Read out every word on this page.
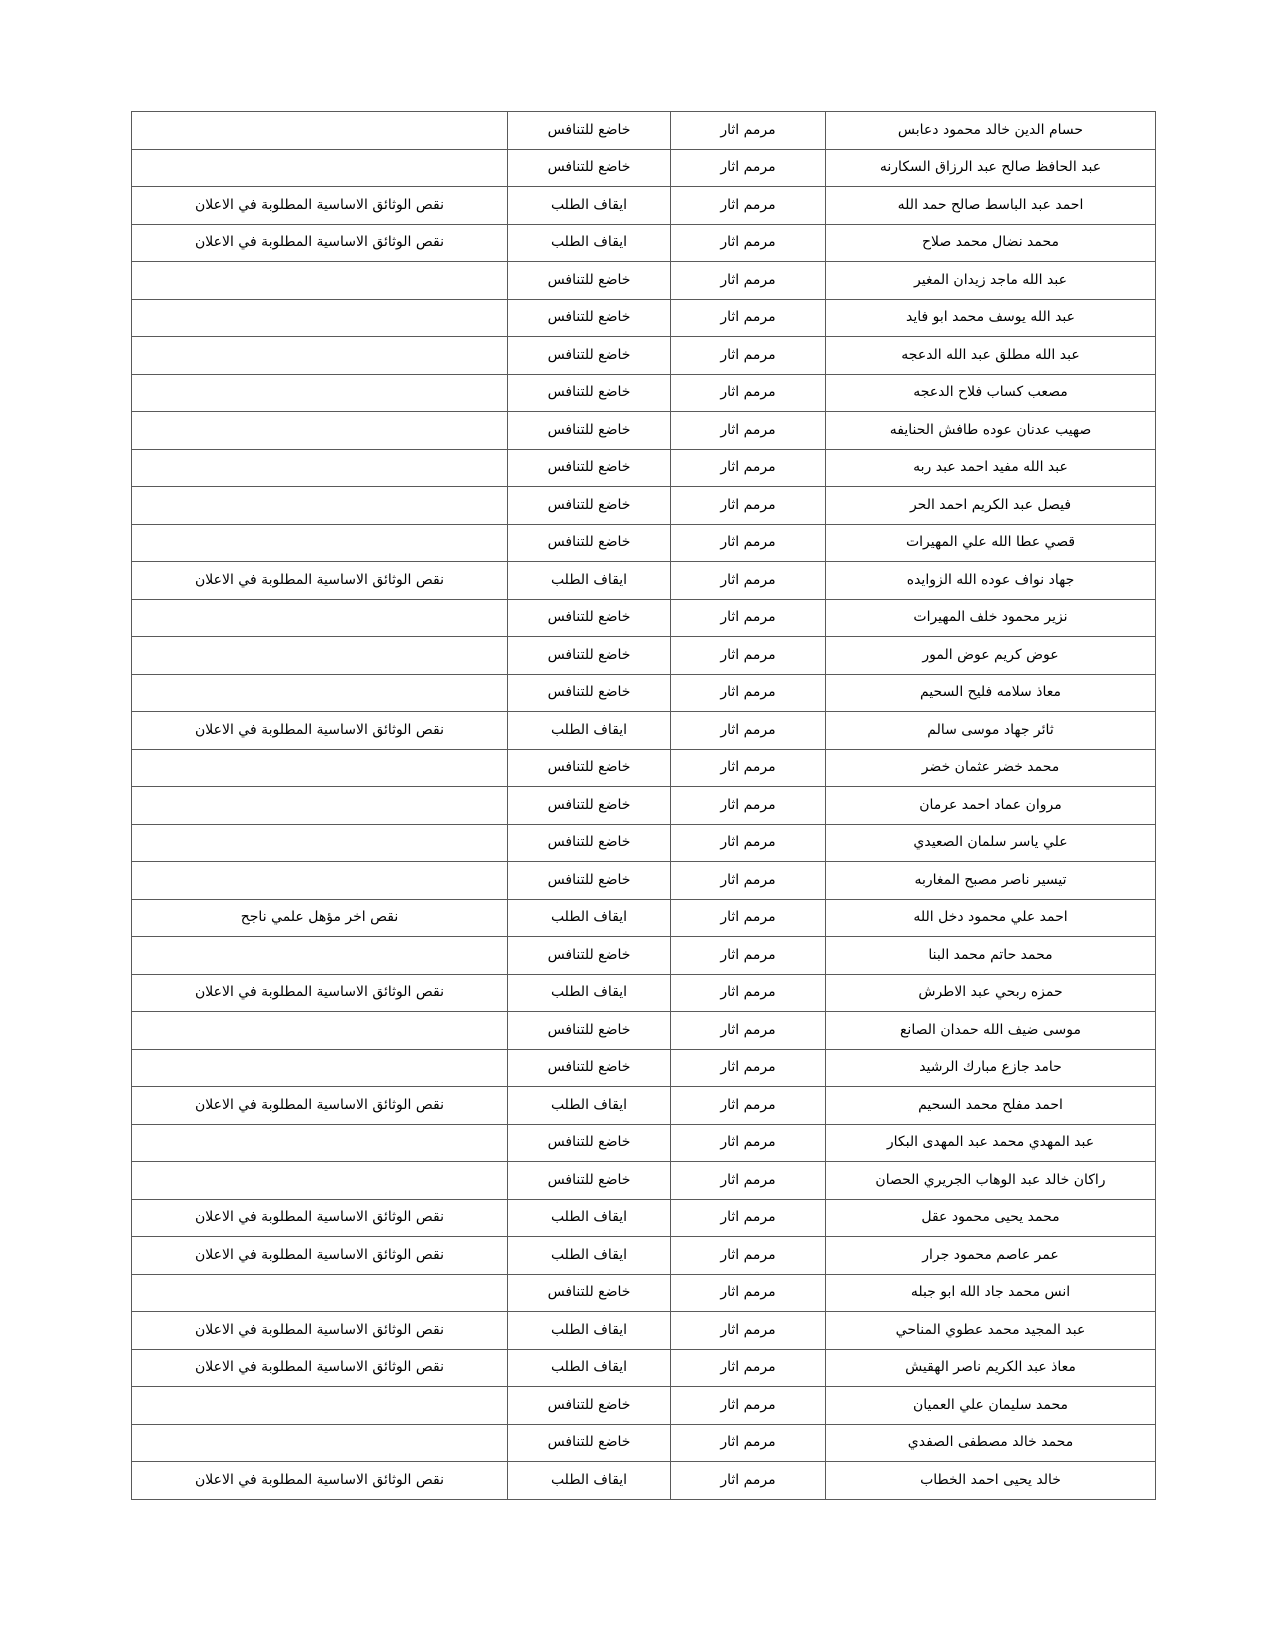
حسام الدين خالد محمود دعابس	مرمم اثار	خاضع للتنافس	
عبد الحافظ صالح عبد الرزاق السكارنه	مرمم اثار	خاضع للتنافس	
احمد عبد الباسط صالح حمد الله	مرمم اثار	ايقاف الطلب	نقص الوثائق الاساسية المطلوبة في الاعلان
محمد نضال محمد صلاح	مرمم اثار	ايقاف الطلب	نقص الوثائق الاساسية المطلوبة في الاعلان
عبد الله ماجد زيدان المغير	مرمم اثار	خاضع للتنافس	
عبد الله يوسف محمد ابو فايد	مرمم اثار	خاضع للتنافس	
عبد الله مطلق عبد الله الدعجه	مرمم اثار	خاضع للتنافس	
مصعب كساب فلاح الدعجه	مرمم اثار	خاضع للتنافس	
صهيب عدنان عوده طافش الحنايفه	مرمم اثار	خاضع للتنافس	
عبد الله مفيد احمد عبد ربه	مرمم اثار	خاضع للتنافس	
فيصل عبد الكريم احمد الحر	مرمم اثار	خاضع للتنافس	
قصي عطا الله علي المهيرات	مرمم اثار	خاضع للتنافس	
جهاد نواف عوده الله الزوايده	مرمم اثار	ايقاف الطلب	نقص الوثائق الاساسية المطلوبة في الاعلان
نزير محمود خلف المهيرات	مرمم اثار	خاضع للتنافس	
عوض كريم عوض المور	مرمم اثار	خاضع للتنافس	
معاذ سلامه فليح السحيم	مرمم اثار	خاضع للتنافس	
ثائر جهاد موسى سالم	مرمم اثار	ايقاف الطلب	نقص الوثائق الاساسية المطلوبة في الاعلان
محمد خضر عثمان خضر	مرمم اثار	خاضع للتنافس	
مروان عماد احمد عرمان	مرمم اثار	خاضع للتنافس	
علي ياسر سلمان الصعيدي	مرمم اثار	خاضع للتنافس	
تيسير ناصر مصبح المغاربه	مرمم اثار	خاضع للتنافس	
احمد علي محمود دخل الله	مرمم اثار	ايقاف الطلب	نقص اخر مؤهل علمي ناجح
محمد حاتم محمد البنا	مرمم اثار	خاضع للتنافس	
حمزه ربحي عبد الاطرش	مرمم اثار	ايقاف الطلب	نقص الوثائق الاساسية المطلوبة في الاعلان
موسى ضيف الله حمدان الصانع	مرمم اثار	خاضع للتنافس	
حامد جازع مبارك الرشيد	مرمم اثار	خاضع للتنافس	
احمد مفلح محمد السحيم	مرمم اثار	ايقاف الطلب	نقص الوثائق الاساسية المطلوبة في الاعلان
عبد المهدي محمد عبد المهدى البكار	مرمم اثار	خاضع للتنافس	
راكان خالد عبد الوهاب الجريري الحصان	مرمم اثار	خاضع للتنافس	
محمد يحيى محمود عقل	مرمم اثار	ايقاف الطلب	نقص الوثائق الاساسية المطلوبة في الاعلان
عمر عاصم محمود جرار	مرمم اثار	ايقاف الطلب	نقص الوثائق الاساسية المطلوبة في الاعلان
انس محمد جاد الله ابو جبله	مرمم اثار	خاضع للتنافس	
عبد المجيد محمد عطوي المناحي	مرمم اثار	ايقاف الطلب	نقص الوثائق الاساسية المطلوبة في الاعلان
معاذ عبد الكريم ناصر الهقيش	مرمم اثار	ايقاف الطلب	نقص الوثائق الاساسية المطلوبة في الاعلان
محمد سليمان علي العميان	مرمم اثار	خاضع للتنافس	
محمد خالد مصطفى الصفدي	مرمم اثار	خاضع للتنافس	
خالد يحيى احمد الخطاب	مرمم اثار	ايقاف الطلب	نقص الوثائق الاساسية المطلوبة في الاعلان
